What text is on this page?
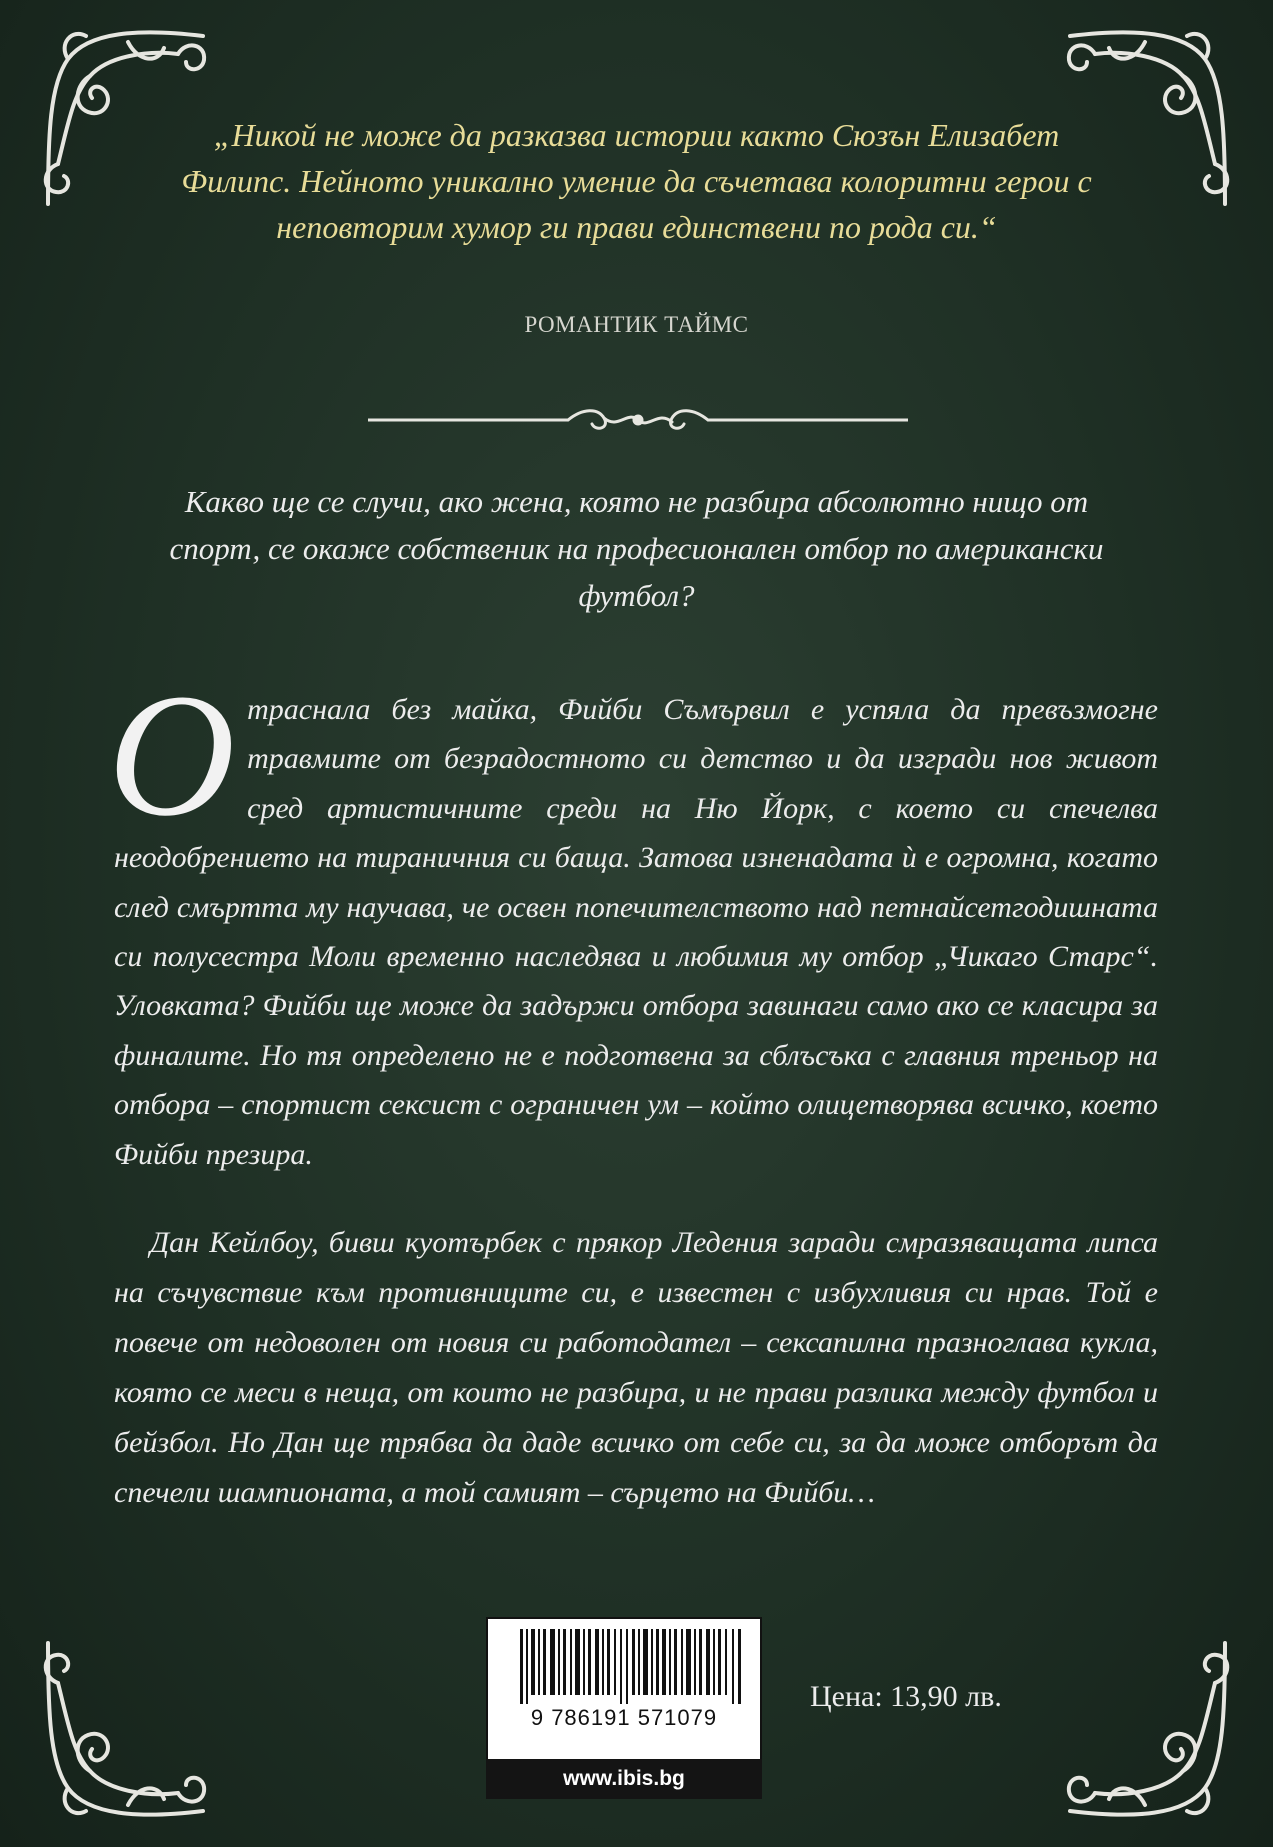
„Никой не може да разказва истории както Сюзън Елизабет Филипс. Нейното уникално умение да съчетава колоритни герои с неповторим хумор ги прави единствени по рода си.“
РОМАНТИК ТАЙМС
Какво ще се случи, ако жена, която не разбира абсолютно нищо от спорт, се окаже собственик на професионален отбор по американски футбол?
О траснала без майка, Фийби Съмървил е успяла да превъзмогне травмите от безрадостното си детство и да изгради нов живот сред артистичните среди на Ню Йорк, с което си спечелва неодобрението на тираничния си баща. Затова изненадата ѝ е огромна, когато след смъртта му научава, че освен попечителството над петнайсетгодишната си полусестра Моли временно наследява и любимия му отбор „Чикаго Старс“. Уловката? Фийби ще може да задържи отбора завинаги само ако се класира за финалите. Но тя определено не е подготвена за сблъсъка с главния треньор на отбора – спортист сексист с ограничен ум – който олицетворява всичко, което Фийби презира.
Дан Кейлбоу, бивш куотърбек с прякор Ледения заради смразяващата липса на съчувствие към противниците си, е известен с избухливия си нрав. Той е повече от недоволен от новия си работодател – сексапилна празноглава кукла, която се меси в неща, от които не разбира, и не прави разлика между футбол и бейзбол. Но Дан ще трябва да даде всичко от себе си, за да може отборът да спечели шампионата, а той самият – сърцето на Фийби…
9 786191 571079
www.ibis.bg
Цена: 13,90 лв.
